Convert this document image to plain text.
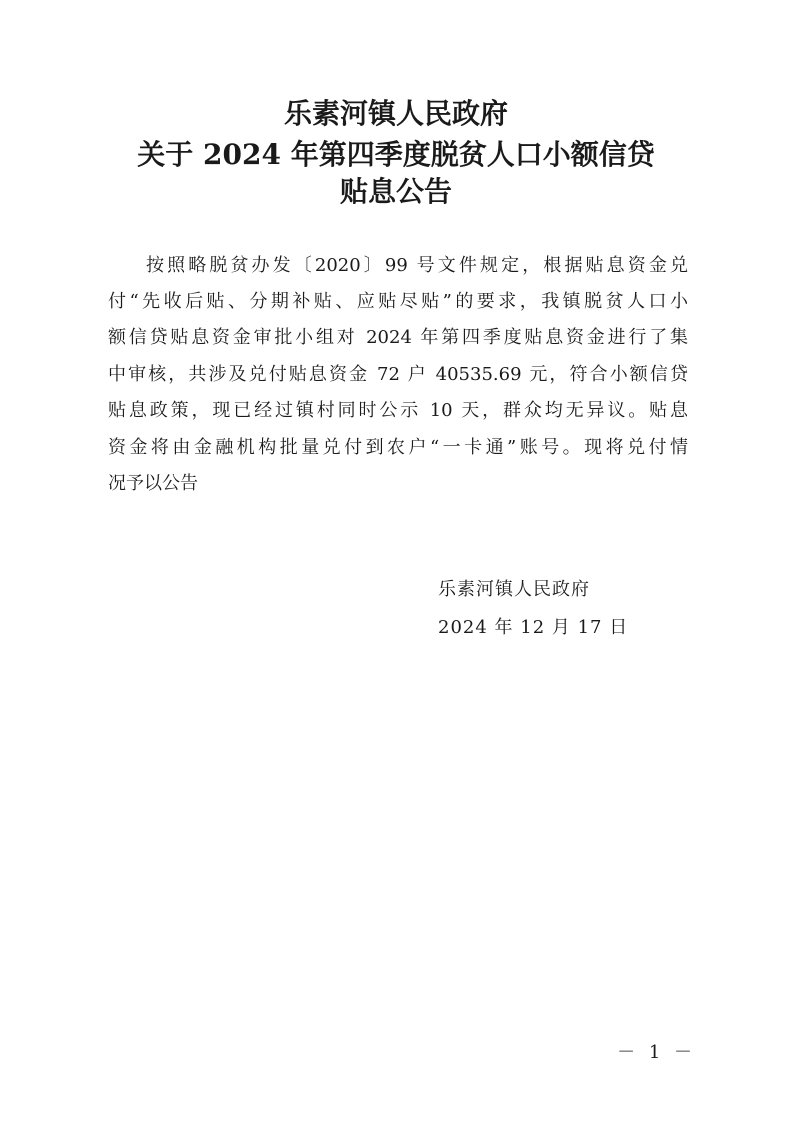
乐素河镇人民政府
关于 2024 年第四季度脱贫人口小额信贷
贴息公告
按照略脱贫办发〔2020〕99 号文件规定，根据贴息资金兑
付“先收后贴、分期补贴、应贴尽贴”的要求，我镇脱贫人口小
额信贷贴息资金审批小组对 2024 年第四季度贴息资金进行了集
中审核，共涉及兑付贴息资金 72 户 40535.69 元，符合小额信贷
贴息政策，现已经过镇村同时公示 10 天，群众均无异议。贴息
资金将由金融机构批量兑付到农户“一卡通”账号。现将兑付情
况予以公告
乐素河镇人民政府
2024 年 12 月 17 日
－ 1 －
